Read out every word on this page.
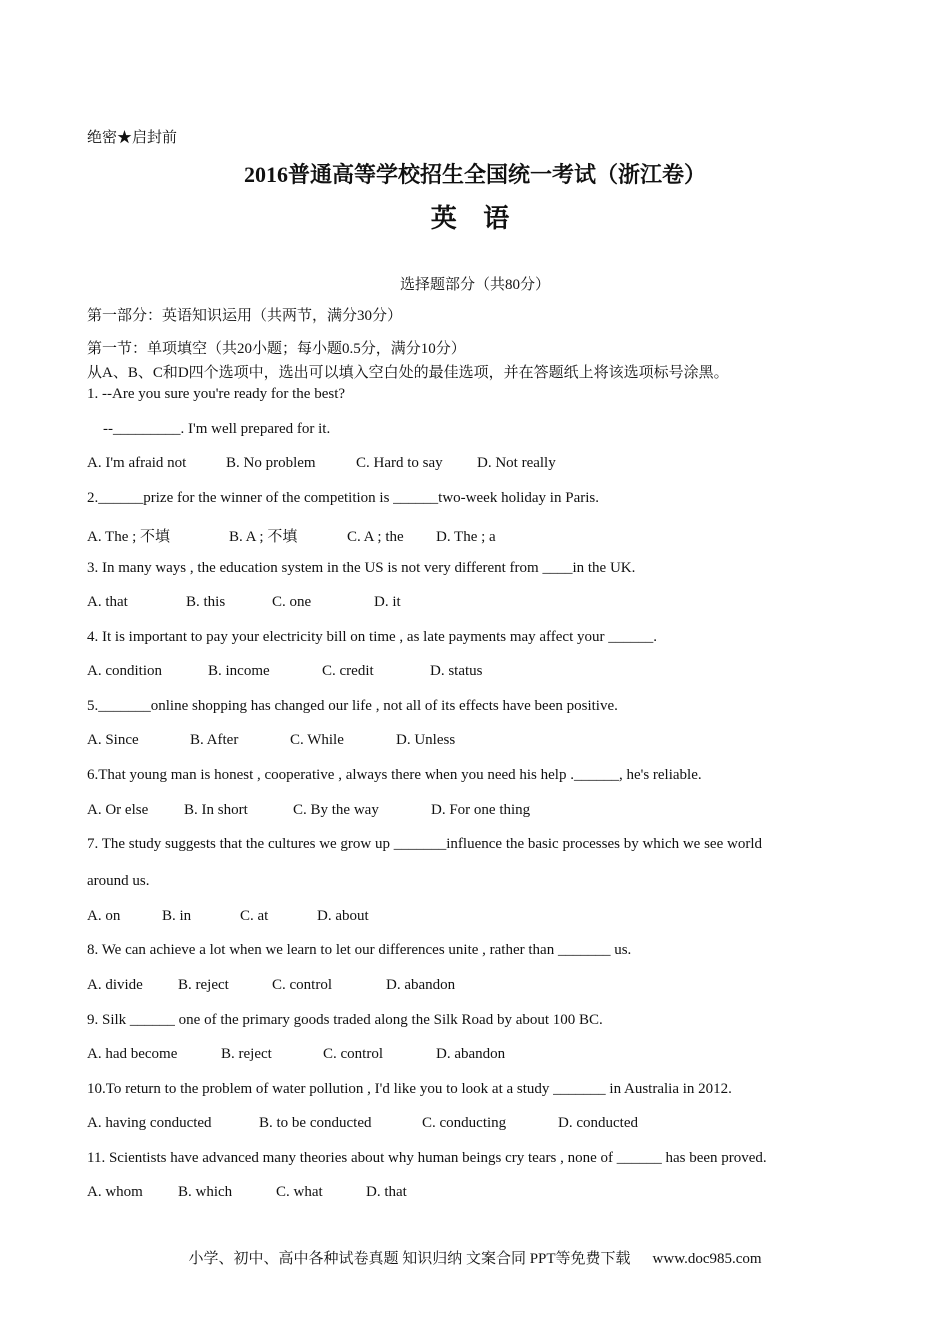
绝密★启封前
2016普通高等学校招生全国统一考试（浙江卷）
英 语
选择题部分（共80分）
第一部分：英语知识运用（共两节，满分30分）
第一节：单项填空（共20小题；每小题0.5分，满分10分）
从A、B、C和D四个选项中，选出可以填入空白处的最佳选项，并在答题纸上将该选项标号涂黑。
1. --Are you sure you're ready for the best?
--_________. I'm well prepared for it.
A. I'm afraid not	B. No problem	C. Hard to say D. Not really
2.______prize for the winner of the competition is ______two-week holiday in Paris.
A. The ; 不填	B. A ; 不填	C. A ; the D. The ; a
3. In many ways , the education system in the US is not very different from ____in the UK.
A. that	B. this	C. one	D. it
4. It is important to pay your electricity bill on time , as late payments may affect your ______.
A. condition	B. income	C. credit	D. status
5._______online shopping has changed our life , not all of its effects have been positive.
A. Since	B. After	C. While	D. Unless
6.That young man is honest , cooperative , always there when you need his help .______, he's reliable.
A. Or else B. In short	C. By the way	D. For one thing
7. The study suggests that the cultures we grow up _______influence the basic processes by which we see world
around us.
A. on	B. in	C. at	D. about
8. We can achieve a lot when we learn to let our differences unite , rather than _______ us.
A. divide B. reject	C. control	D. abandon
9. Silk ______ one of the primary goods traded along the Silk Road by about 100 BC.
A. had become	B. reject	C. control	D. abandon
10.To return to the problem of water pollution , I'd like you to look at a study _______ in Australia in 2012.
A. having conducted	B. to be conducted	C. conducting	D. conducted
11. Scientists have advanced many theories about why human beings cry tears , none of ______ has been proved.
A. whom B. which	C. what	D. that
小学、初中、高中各种试卷真题 知识归纳 文案合同 PPT等免费下载 www.doc985.com
